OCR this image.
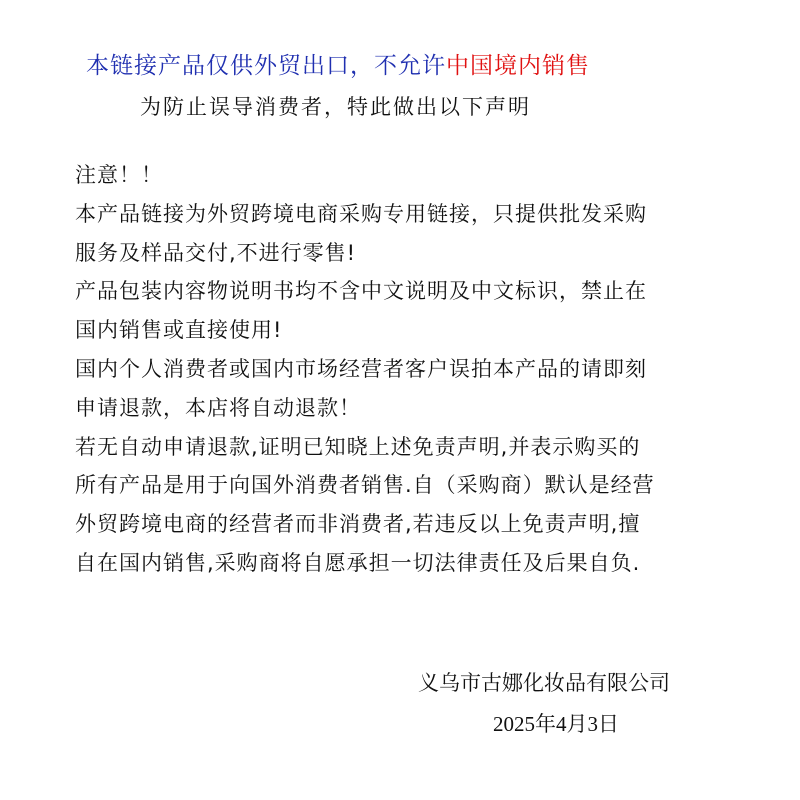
本链接产品仅供外贸出口，不允许中国境内销售
为防止误导消费者，特此做出以下声明
注意！！
本产品链接为外贸跨境电商采购专用链接，只提供批发采购
服务及样品交付,不进行零售!
产品包装内容物说明书均不含中文说明及中文标识，禁止在
国内销售或直接使用!
国内个人消费者或国内市场经营者客户误拍本产品的请即刻
申请退款，本店将自动退款！
若无自动申请退款,证明已知晓上述免责声明,并表示购买的
所有产品是用于向国外消费者销售.自（采购商）默认是经营
外贸跨境电商的经营者而非消费者,若违反以上免责声明,擅
自在国内销售,采购商将自愿承担一切法律责任及后果自负.
义乌市古娜化妆品有限公司
2025年4月3日
